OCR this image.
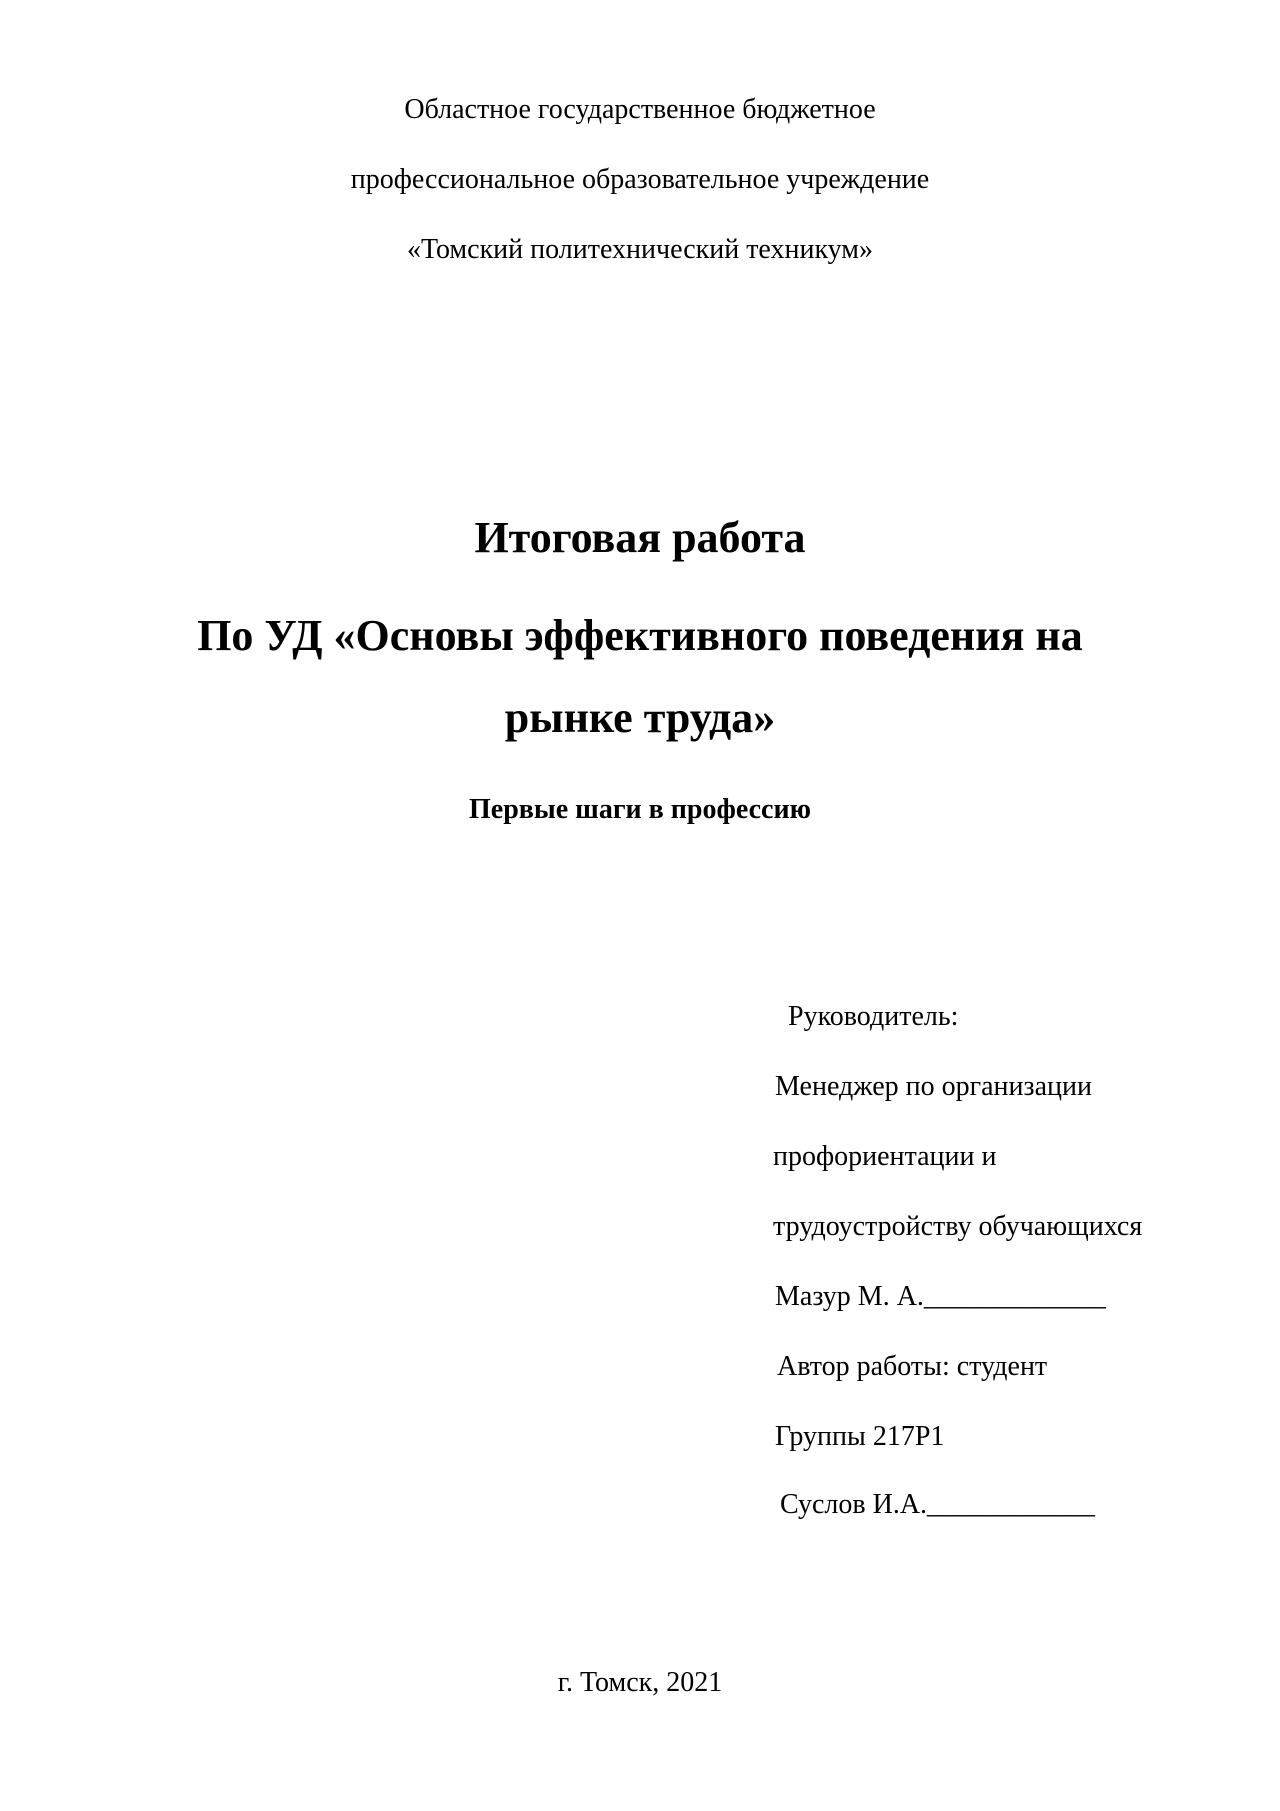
Областное государственное бюджетное
профессиональное образовательное учреждение
«Томский политехнический техникум»
Итоговая работа
По УД «Основы эффективного поведения на
рынке труда»
Первые шаги в профессию
Руководитель:
Менеджер по организации
профориентации и
трудоустройству обучающихся
Мазур М. А._____________
Автор работы: студент
Группы 217Р1
Суслов И.А.____________
г. Томск, 2021
